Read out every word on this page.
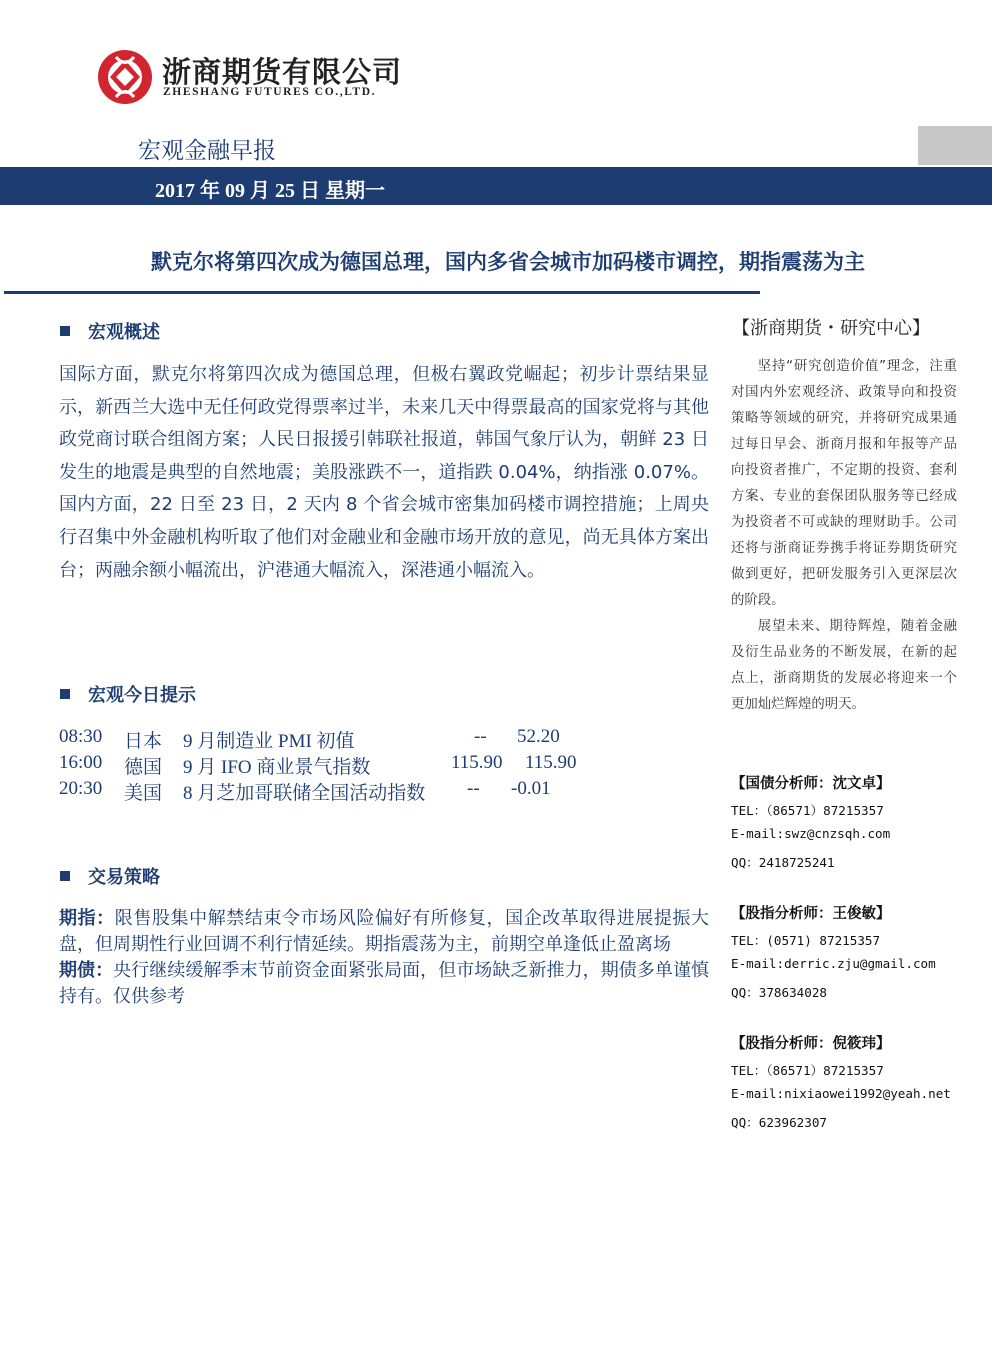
浙商期货有限公司
ZHESHANG FUTURES CO.,LTD.
宏观金融早报
2017 年 09 月 25 日 星期一
默克尔将第四次成为德国总理，国内多省会城市加码楼市调控，期指震荡为主
宏观概述
国际方面，默克尔将第四次成为德国总理，但极右翼政党崛起；初步计票结果显示，新西兰大选中无任何政党得票率过半，未来几天中得票最高的国家党将与其他政党商讨联合组阁方案；人民日报援引韩联社报道，韩国气象厅认为，朝鲜 23 日发生的地震是典型的自然地震；美股涨跌不一，道指跌 0.04%，纳指涨 0.07%。国内方面，22 日至 23 日，2 天内 8 个省会城市密集加码楼市调控措施；上周央行召集中外金融机构听取了他们对金融业和金融市场开放的意见，尚无具体方案出台；两融余额小幅流出，沪港通大幅流入，深港通小幅流入。
宏观今日提示
08:30 日本 9 月制造业 PMI 初值	-- 52.20
16:00 德国 9 月 IFO 商业景气指数	115.90 115.90
20:30 美国 8 月芝加哥联储全国活动指数 -- -0.01
交易策略
期指：限售股集中解禁结束令市场风险偏好有所修复，国企改革取得进展提振大盘，但周期性行业回调不利行情延续。期指震荡为主，前期空单逢低止盈离场
期债：央行继续缓解季末节前资金面紧张局面，但市场缺乏新推力，期债多单谨慎持有。仅供参考
【浙商期货・研究中心】

坚持“研究创造价值”理念，注重对国内外宏观经济、政策导向和投资策略等领域的研究，并将研究成果通过每日早会、浙商月报和年报等产品向投资者推广，不定期的投资、套利方案、专业的套保团队服务等已经成为投资者不可或缺的理财助手。公司还将与浙商证券携手将证券期货研究做到更好，把研发服务引入更深层次的阶段。

展望未来、期待辉煌，随着金融及衍生品业务的不断发展，在新的起点上，浙商期货的发展必将迎来一个更加灿烂辉煌的明天。

【国债分析师：沈文卓】
TEL：（86571）87215357
E-mail:swz@cnzsqh.com
QQ：2418725241
【股指分析师：王俊敏】
TEL：(0571) 87215357
E-mail:derric.zju@gmail.com
QQ：378634028
【股指分析师：倪筱玮】
TEL：（86571）87215357
E-mail:nixiaowei1992@yeah.net
QQ：623962307
